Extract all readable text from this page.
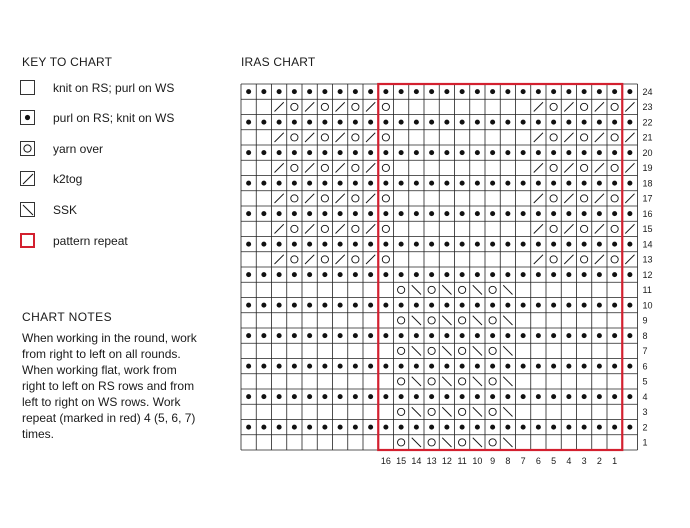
KEY TO CHART	IRAS CHART
knit on RS; purl on WS
purl on RS; knit on WS
yarn over
k2tog
SSK
pattern repeat
CHART NOTES
When working in the round, work from right to left on all rounds. When working flat, work from right to left on RS rows and from left to right on WS rows. Work repeat (marked in red) 4 (5, 6, 7) times.
24
23
22
21
20
19
18
17
16
15
14
13
12
11
10
9
8
7
6
5
4
3
2
1
16 15 14 13 12 11 10 9 8 7 6 5 4 3 2 1
